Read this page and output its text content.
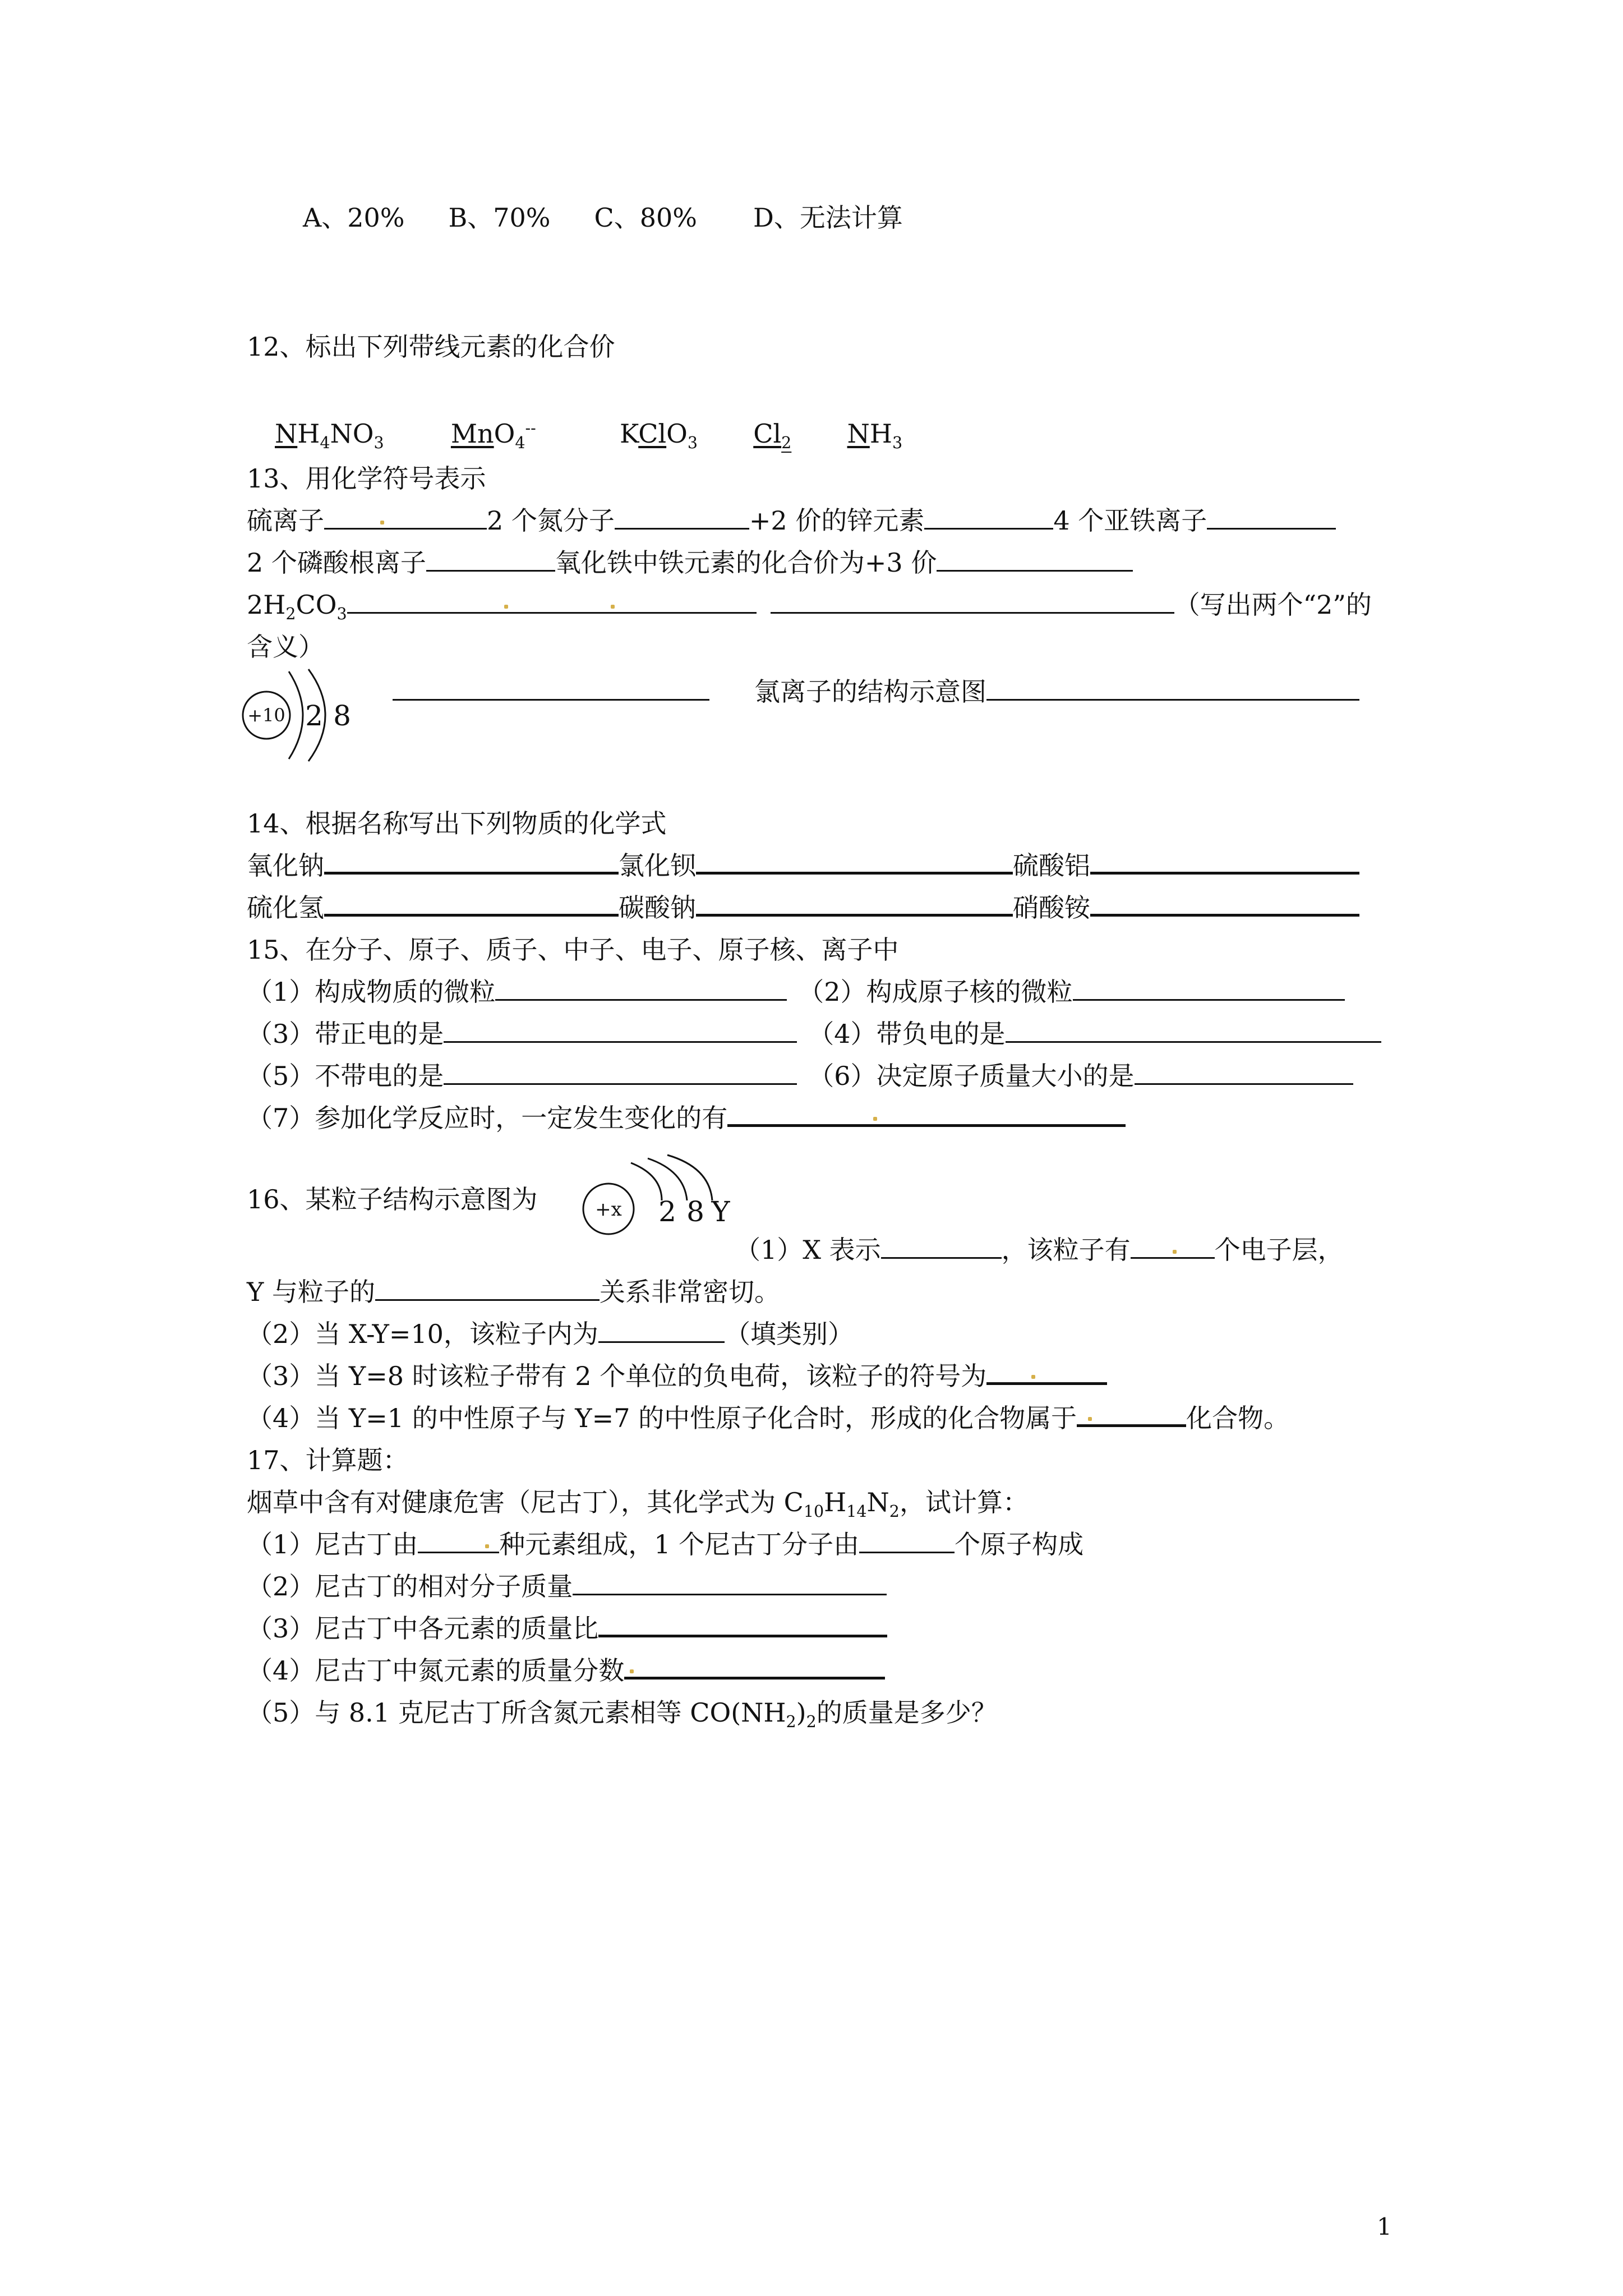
A、20% B、70% C、80% D、无法计算
12、标出下列带线元素的化合价
$NH_4NO_3$	MnO$_4$--	KClO$_3$ $Cl_2$ $NH_3$
13、用化学符号表示
硫离子	2 个氮分子	+2 价的锌元素	4 个亚铁离子
2 个磷酸根离子	氧化铁中铁元素的化合价为+3 价
$2H_2CO_3$	（写出两个“2”的
含义）
+10 2 8
氯离子的结构示意图
14、根据名称写出下列物质的化学式
氧化钠	氯化钡	硫酸铝
硫化氢	碳酸钠	硝酸铵
15、在分子、原子、质子、中子、电子、原子核、离子中
（1）构成物质的微粒	（2）构成原子核的微粒
（3）带正电的是	（4）带负电的是
（5）不带电的是	（6）决定原子质量大小的是
（7）参加化学反应时，一定发生变化的有
16、某粒子结构示意图为	+x 2 8 Y
（1）X 表示	，该粒子有	个电子层，
Y 与粒子的	关系非常密切。
（2）当 X-Y=10，该粒子内为	（填类别）
（3）当 Y=8 时该粒子带有 2 个单位的负电荷，该粒子的符号为
（4）当 Y=1 的中性原子与 Y=7 的中性原子化合时，形成的化合物属于	化合物。
17、计算题：
烟草中含有对健康危害（尼古丁），其化学式为 $C_{10}H_{14}N_2$，试计算：
（1）尼古丁由	种元素组成，1 个尼古丁分子由	个原子构成
（2）尼古丁的相对分子质量
（3）尼古丁中各元素的质量比
（4）尼古丁中氮元素的质量分数
（5）与 8.1 克尼古丁所含氮元素相等 $CO(NH_2)_2$的质量是多少？
1
